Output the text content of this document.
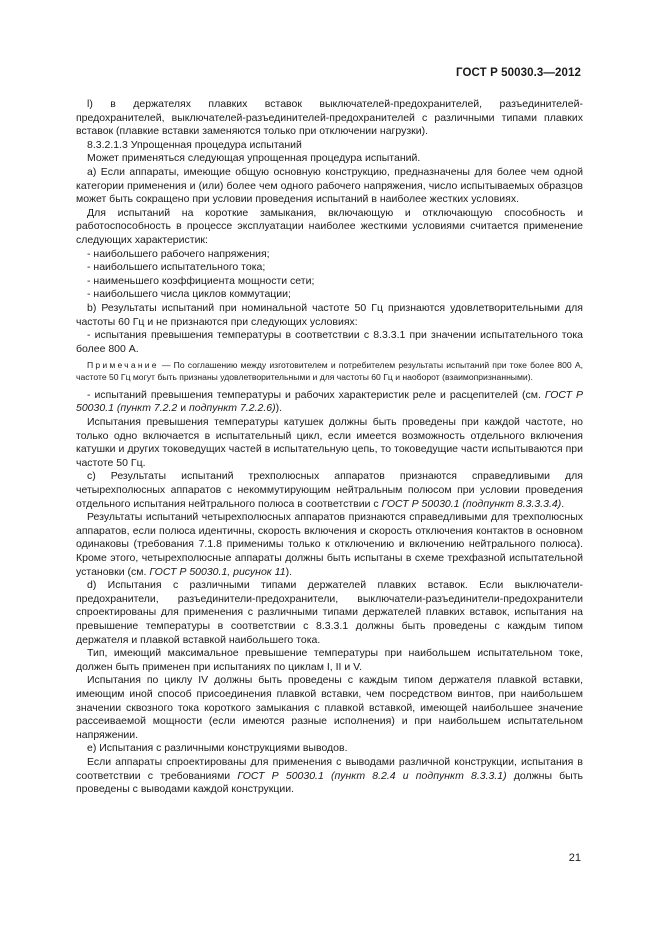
ГОСТ Р 50030.3—2012

l) в держателях плавких вставок выключателей-предохранителей, разъединителей-предохранителей, выключателей-разъединителей-предохранителей с различными типами плавких вставок (плавкие вставки заменяются только при отключении нагрузки).

8.3.2.1.3 Упрощенная процедура испытаний

Может применяться следующая упрощенная процедура испытаний.

а) Если аппараты, имеющие общую основную конструкцию, предназначены для более чем одной категории применения и (или) более чем одного рабочего напряжения, число испытываемых образцов может быть сокращено при условии проведения испытаний в наиболее жестких условиях.

Для испытаний на короткие замыкания, включающую и отключающую способность и работоспособность в процессе эксплуатации наиболее жесткими условиями считается применение следующих характеристик:

- наибольшего рабочего напряжения;

- наибольшего испытательного тока;

- наименьшего коэффициента мощности сети;

- наибольшего числа циклов коммутации;

b) Результаты испытаний при номинальной частоте 50 Гц признаются удовлетворительными для частоты 60 Гц и не признаются при следующих условиях:

- испытания превышения температуры в соответствии с 8.3.3.1 при значении испытательного тока более 800 А.

Примечание — По соглашению между изготовителем и потребителем результаты испытаний при токе более 800 А, частоте 50 Гц могут быть признаны удовлетворительными и для частоты 60 Гц и наоборот (взаимопризнанными).

- испытаний превышения температуры и рабочих характеристик реле и расцепителей (см. ГОСТ Р 50030.1 (пункт 7.2.2 и подпункт 7.2.2.6)).

Испытания превышения температуры катушек должны быть проведены при каждой частоте, но только одно включается в испытательный цикл, если имеется возможность отдельного включения катушки и других токоведущих частей в испытательную цепь, то токоведущие части испытываются при частоте 50 Гц.

с) Результаты испытаний трехполюсных аппаратов признаются справедливыми для четырехполюсных аппаратов с некоммутирующим нейтральным полюсом при условии проведения отдельного испытания нейтрального полюса в соответствии с ГОСТ Р 50030.1 (подпункт 8.3.3.3.4).

Результаты испытаний четырехполюсных аппаратов признаются справедливыми для трехполюсных аппаратов, если полюса идентичны, скорость включения и скорость отключения контактов в основном одинаковы (требования 7.1.8 применимы только к отключению и включению нейтрального полюса). Кроме этого, четырехполюсные аппараты должны быть испытаны в схеме трехфазной испытательной установки (см. ГОСТ Р 50030.1, рисунок 11).

d) Испытания с различными типами держателей плавких вставок. Если выключатели-предохранители, разъединители-предохранители, выключатели-разъединители-предохранители спроектированы для применения с различными типами держателей плавких вставок, испытания на превышение температуры в соответствии с 8.3.3.1 должны быть проведены с каждым типом держателя и плавкой вставкой наибольшего тока.

Тип, имеющий максимальное превышение температуры при наибольшем испытательном токе, должен быть применен при испытаниях по циклам I, II и V.

Испытания по циклу IV должны быть проведены с каждым типом держателя плавкой вставки, имеющим иной способ присоединения плавкой вставки, чем посредством винтов, при наибольшем значении сквозного тока короткого замыкания с плавкой вставкой, имеющей наибольшее значение рассеиваемой мощности (если имеются разные исполнения) и при наибольшем испытательном напряжении.

е) Испытания с различными конструкциями выводов.

Если аппараты спроектированы для применения с выводами различной конструкции, испытания в соответствии с требованиями ГОСТ Р 50030.1 (пункт 8.2.4 и подпункт 8.3.3.1) должны быть проведены с выводами каждой конструкции.

21
